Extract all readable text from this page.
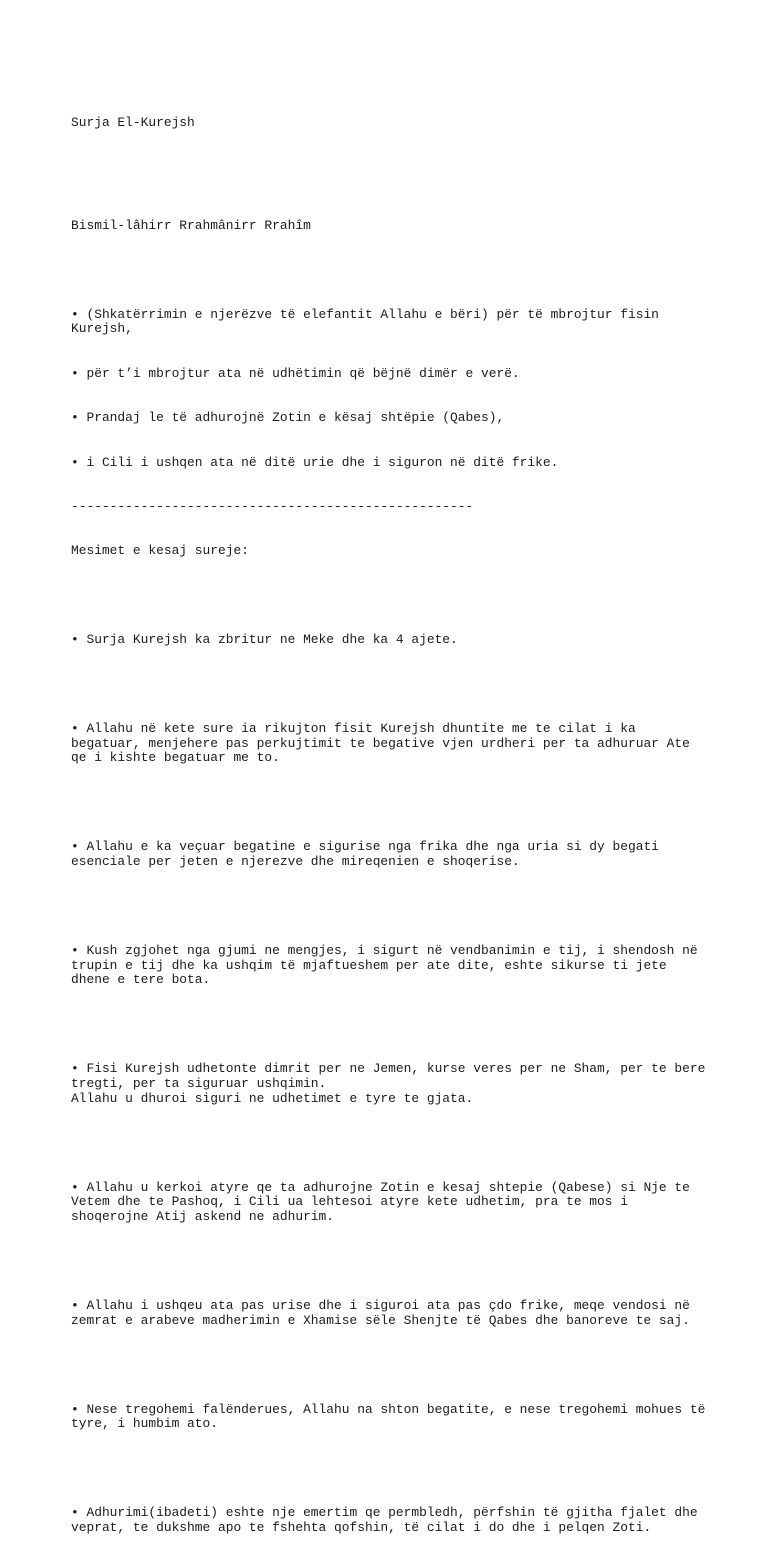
Surja El-Kurejsh

Bismil-lâhirr Rrahmânirr Rrahîm

• (Shkatërrimin e njerëzve të elefantit Allahu e bëri) për të mbrojtur fisin Kurejsh,

• për t’i mbrojtur ata në udhëtimin që bëjnë dimër e verë.

• Prandaj le të adhurojnë Zotin e kësaj shtëpie (Qabes),

• i Cili i ushqen ata në ditë urie dhe i siguron në ditë frike.

----------------------------------------------------

Mesimet e kesaj sureje:

• Surja Kurejsh ka zbritur ne Meke dhe ka 4 ajete.

• Allahu në kete sure ia rikujton fisit Kurejsh dhuntite me te cilat i ka begatuar, menjehere pas perkujtimit te begative vjen urdheri per ta adhuruar Ate qe i kishte begatuar me to.

• Allahu e ka veçuar begatine e sigurise nga frika dhe nga uria si dy begati esenciale per jeten e njerezve dhe mireqenien e shoqerise.

• Kush zgjohet nga gjumi ne mengjes, i sigurt në vendbanimin e tij, i shendosh në trupin e tij dhe ka ushqim të mjaftueshem per ate dite, eshte sikurse ti jete dhene e tere bota.

• Fisi Kurejsh udhetonte dimrit per ne Jemen, kurse veres per ne Sham, per te bere tregti, per ta siguruar ushqimin.
Allahu u dhuroi siguri ne udhetimet e tyre te gjata.

• Allahu u kerkoi atyre qe ta adhurojne Zotin e kesaj shtepie (Qabese) si Nje te Vetem dhe te Pashoq, i Cili ua lehtesoi atyre kete udhetim, pra te mos i shoqerojne Atij askend ne adhurim.

• Allahu i ushqeu ata pas urise dhe i siguroi ata pas çdo frike, meqe vendosi në zemrat e arabeve madherimin e Xhamise sёle Shenjte të Qabes dhe banoreve te saj.

• Nese tregohemi falënderues, Allahu na shton begatite, e nese tregohemi mohues të tyre, i humbim ato.

• Adhurimi(ibadeti) eshte nje emertim qe permbledh, përfshin të gjitha fjalet dhe veprat, te dukshme apo te fshehta qofshin, të cilat i do dhe i pelqen Zoti.
